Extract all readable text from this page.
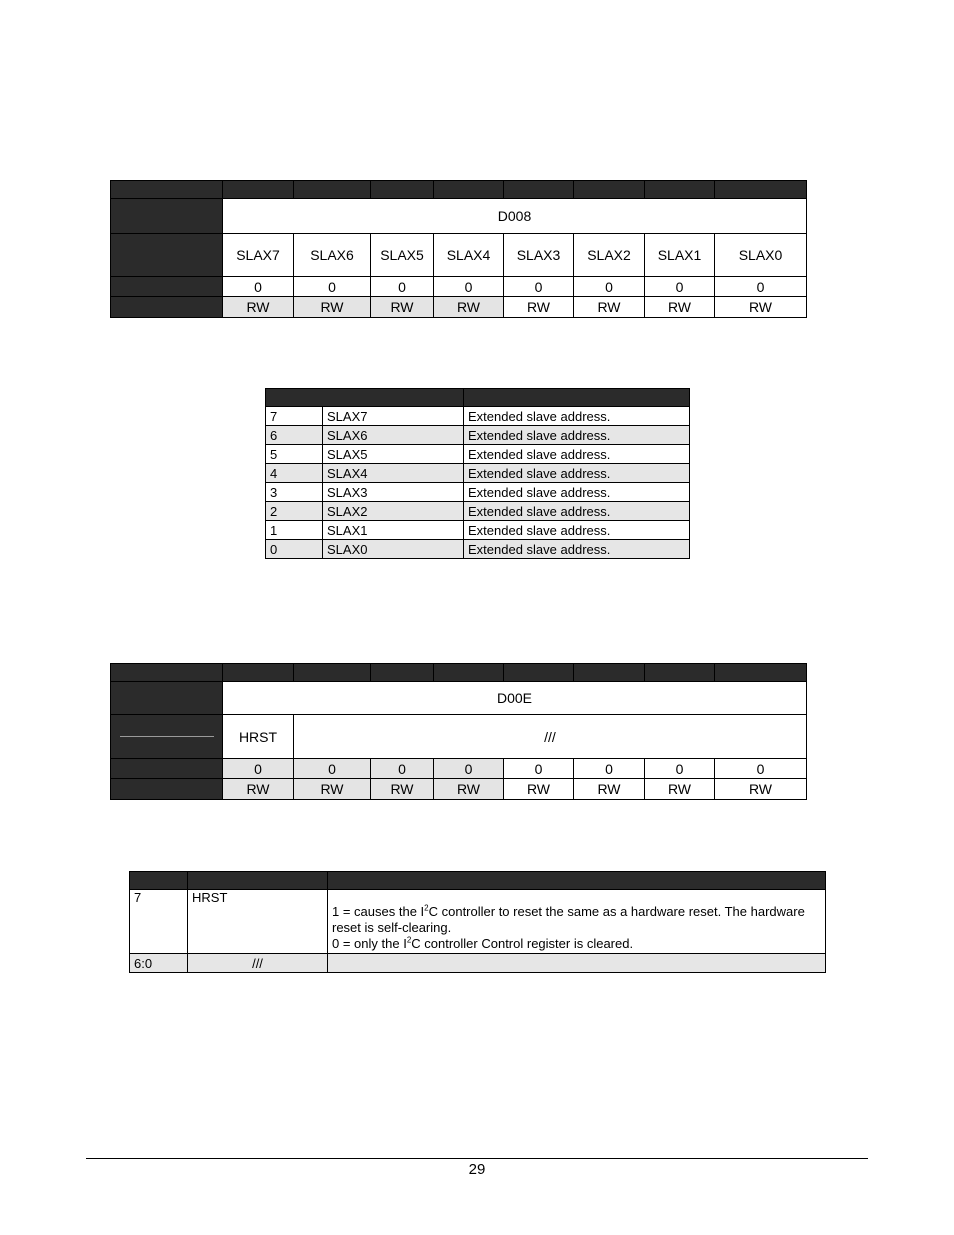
	D008							
	SLAX7	SLAX6	SLAX5	SLAX4	SLAX3	SLAX2	SLAX1	SLAX0
	0	0	0	0	0	0	0	0
	RW	RW	RW	RW	RW	RW	RW	RW

7	SLAX7	Extended slave address.
6	SLAX6	Extended slave address.
5	SLAX5	Extended slave address.
4	SLAX4	Extended slave address.
3	SLAX3	Extended slave address.
2	SLAX2	Extended slave address.
1	SLAX1	Extended slave address.
0	SLAX0	Extended slave address.

	D00E							

	HRST	///						
	0	0	0	0	0	0	0	0
	RW	RW	RW	RW	RW	RW	RW	RW

7	HRST	1 = causes the $I^2C$ controller to reset the same as a hardware reset. The hardware reset is self-clearing.
0 = only the $I^2C$ controller Control register is cleared.
6:0	///	
29
